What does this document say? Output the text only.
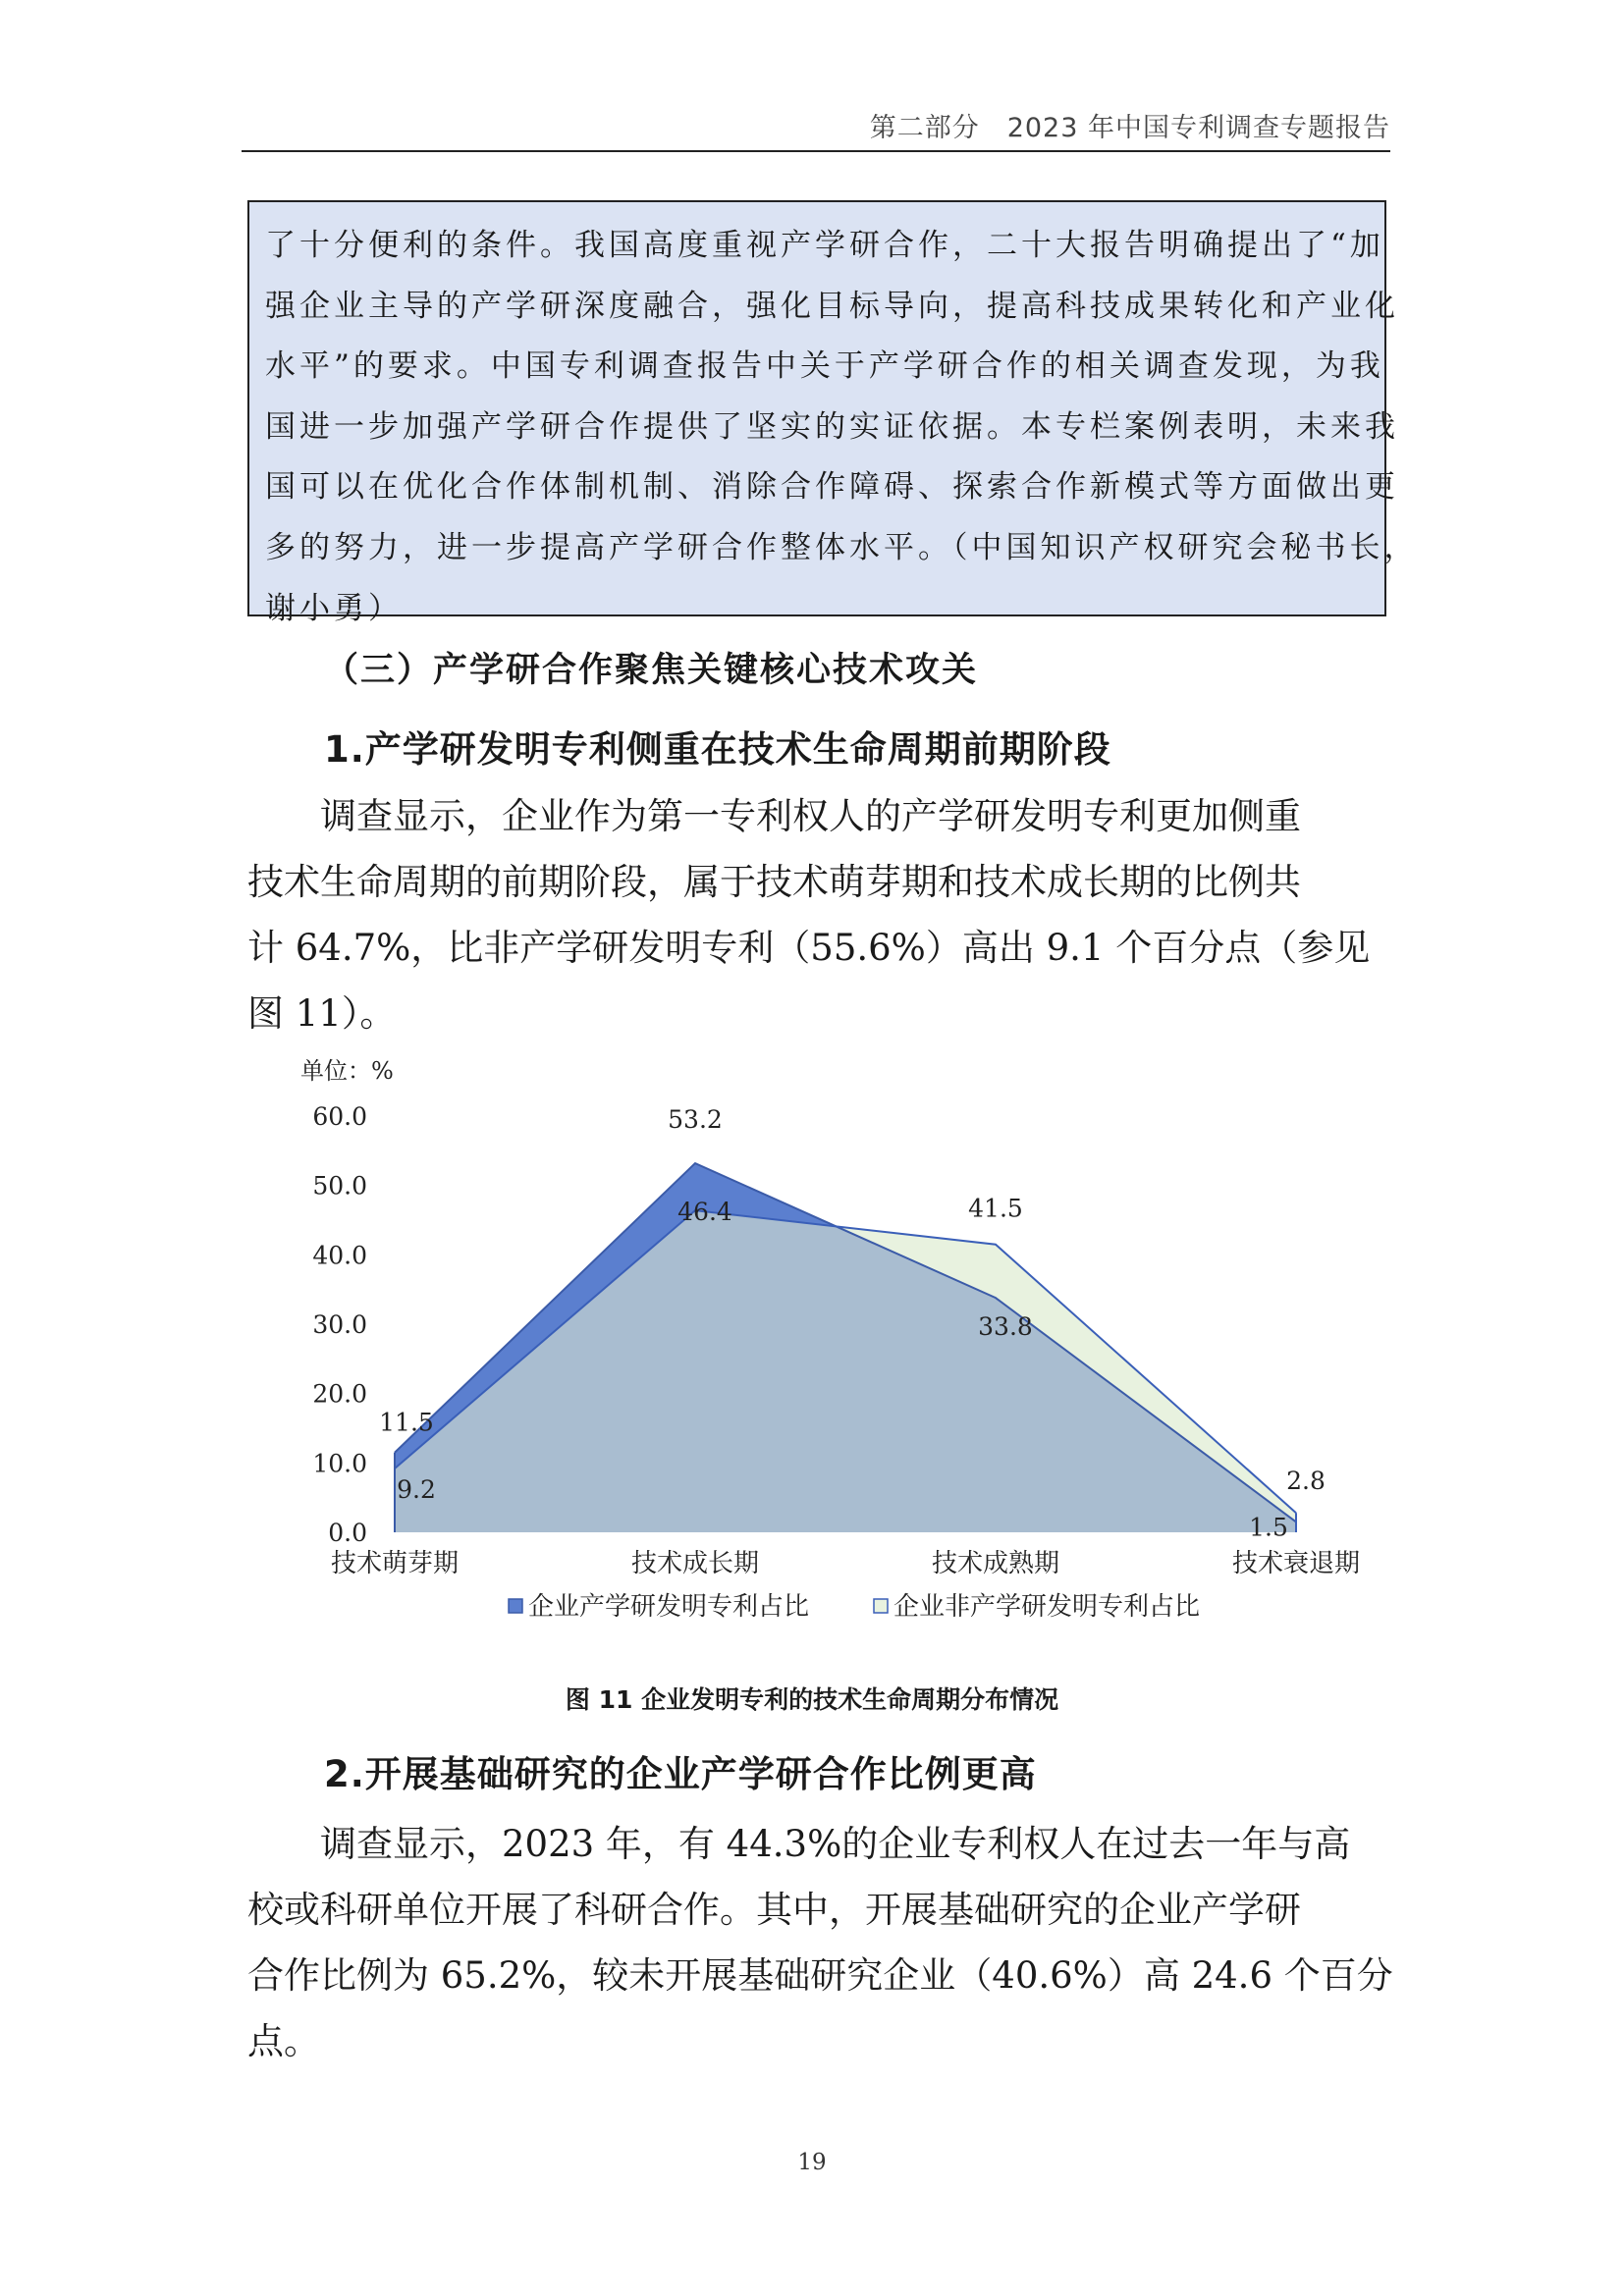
第二部分　2023 年中国专利调查专题报告
了十分便利的条件。我国高度重视产学研合作，二十大报告明确提出了“加
强企业主导的产学研深度融合，强化目标导向，提高科技成果转化和产业化
水平”的要求。中国专利调查报告中关于产学研合作的相关调查发现，为我
国进一步加强产学研合作提供了坚实的实证依据。本专栏案例表明，未来我
国可以在优化合作体制机制、消除合作障碍、探索合作新模式等方面做出更
多的努力，进一步提高产学研合作整体水平。（中国知识产权研究会秘书长，
谢小勇）
（三）产学研合作聚焦关键核心技术攻关
1.产学研发明专利侧重在技术生命周期前期阶段
　　调查显示，企业作为第一专利权人的产学研发明专利更加侧重
技术生命周期的前期阶段，属于技术萌芽期和技术成长期的比例共
计 64.7%，比非产学研发明专利（55.6%）高出 9.1 个百分点（参见
图 11）。
单位：%
0.0
10.0
20.0
30.0
40.0
50.0
60.0
11.5
53.2
33.8
1.5
9.2
46.4	41.5
2.8
技术萌芽期	技术成长期	技术成熟期	技术衰退期
企业产学研发明专利占比	企业非产学研发明专利占比
图 11 企业发明专利的技术生命周期分布情况
2.开展基础研究的企业产学研合作比例更高
　　调查显示，2023 年，有 44.3%的企业专利权人在过去一年与高
校或科研单位开展了科研合作。其中，开展基础研究的企业产学研
合作比例为 65.2%，较未开展基础研究企业（40.6%）高 24.6 个百分
点。
19
